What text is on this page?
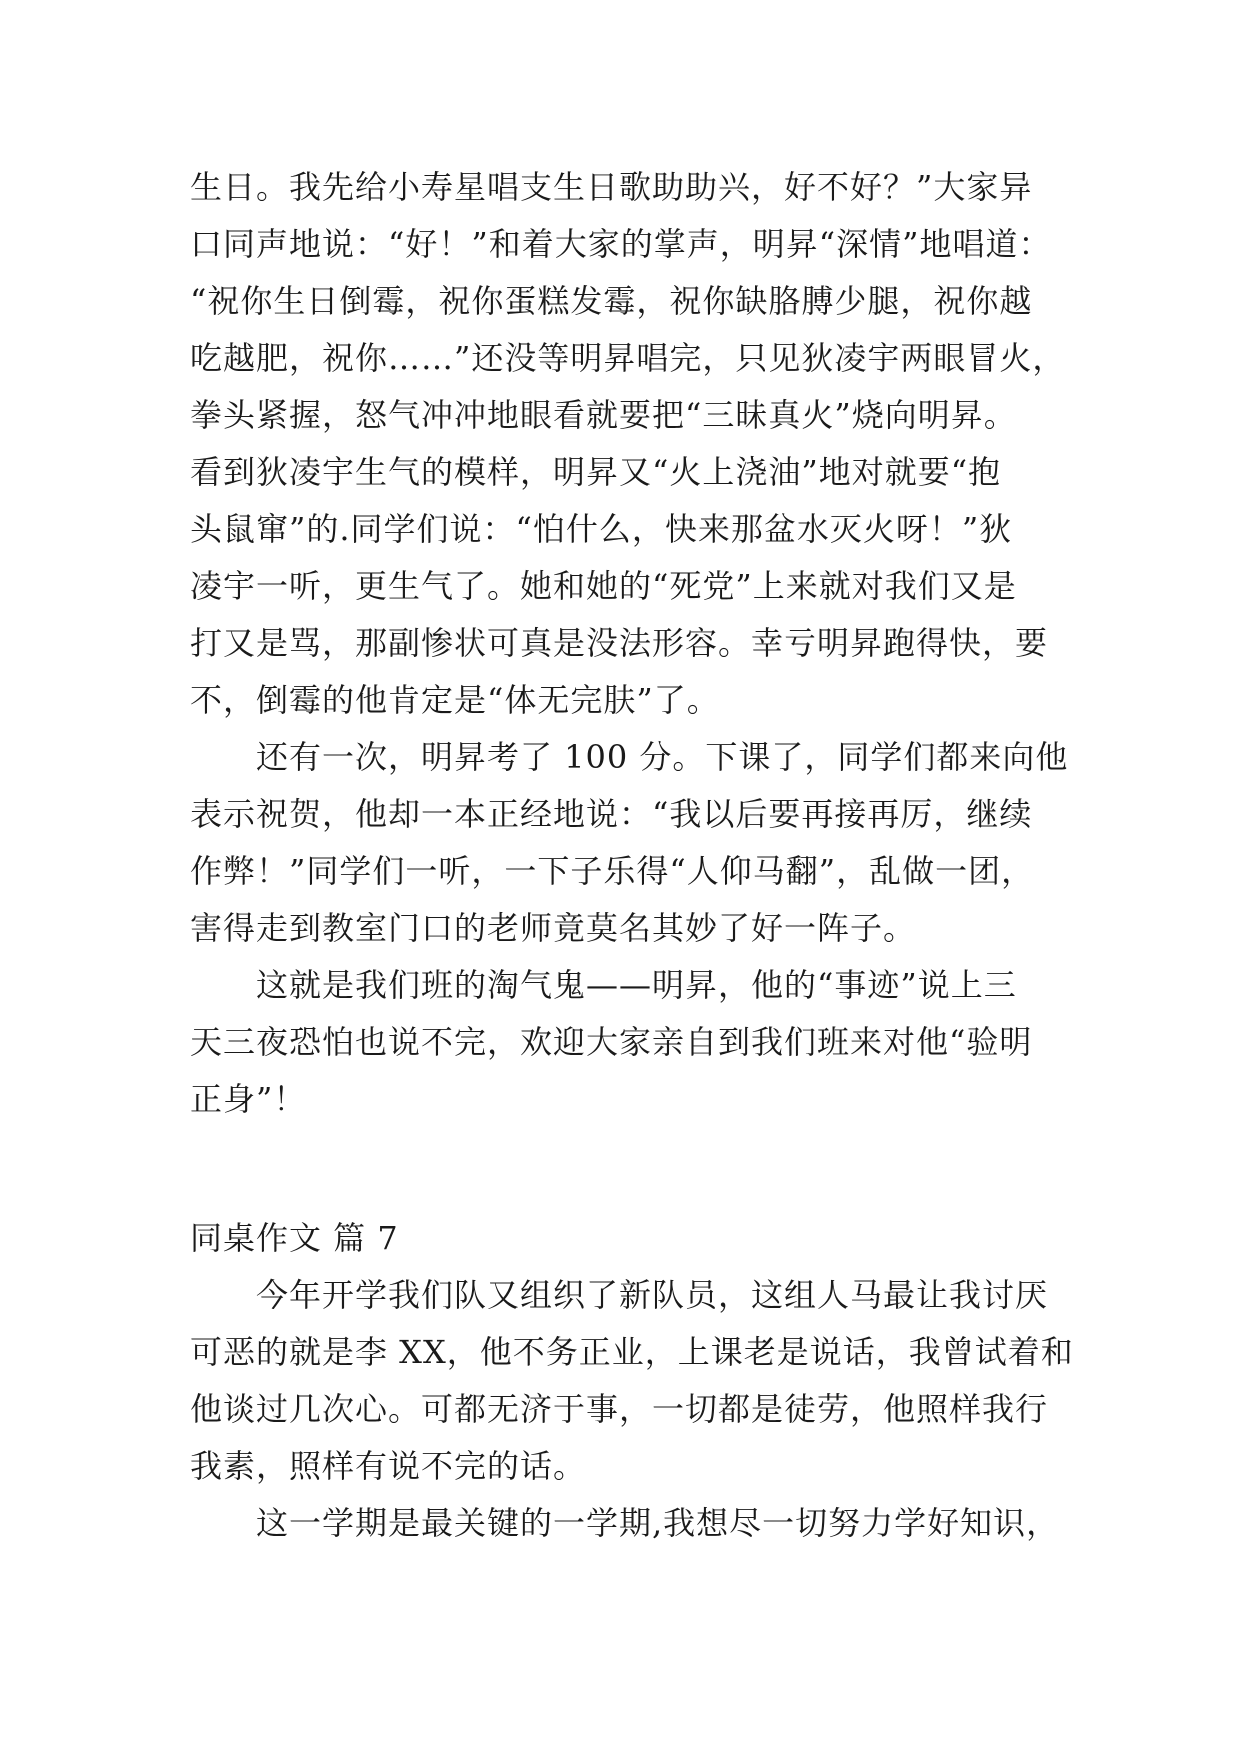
生日。我先给小寿星唱支生日歌助助兴，好不好？”大家异
口同声地说：“好！”和着大家的掌声，明昇“深情”地唱道：
“祝你生日倒霉，祝你蛋糕发霉，祝你缺胳膊少腿，祝你越
吃越肥，祝你……”还没等明昇唱完，只见狄凌宇两眼冒火，
拳头紧握，怒气冲冲地眼看就要把“三昧真火”烧向明昇。
看到狄凌宇生气的模样，明昇又“火上浇油”地对就要“抱
头鼠窜”的.同学们说：“怕什么，快来那盆水灭火呀！”狄
凌宇一听，更生气了。她和她的“死党”上来就对我们又是
打又是骂，那副惨状可真是没法形容。幸亏明昇跑得快，要
不，倒霉的他肯定是“体无完肤”了。
还有一次，明昇考了 100 分。下课了，同学们都来向他
表示祝贺，他却一本正经地说：“我以后要再接再厉，继续
作弊！”同学们一听，一下子乐得“人仰马翻”，乱做一团，
害得走到教室门口的老师竟莫名其妙了好一阵子。
这就是我们班的淘气鬼——明昇，他的“事迹”说上三
天三夜恐怕也说不完，欢迎大家亲自到我们班来对他“验明
正身”！
同桌作文 篇 7
今年开学我们队又组织了新队员，这组人马最让我讨厌
可恶的就是李 XX，他不务正业，上课老是说话，我曾试着和
他谈过几次心。可都无济于事，一切都是徒劳，他照样我行
我素，照样有说不完的话。
这一学期是最关键的一学期,我想尽一切努力学好知识，
